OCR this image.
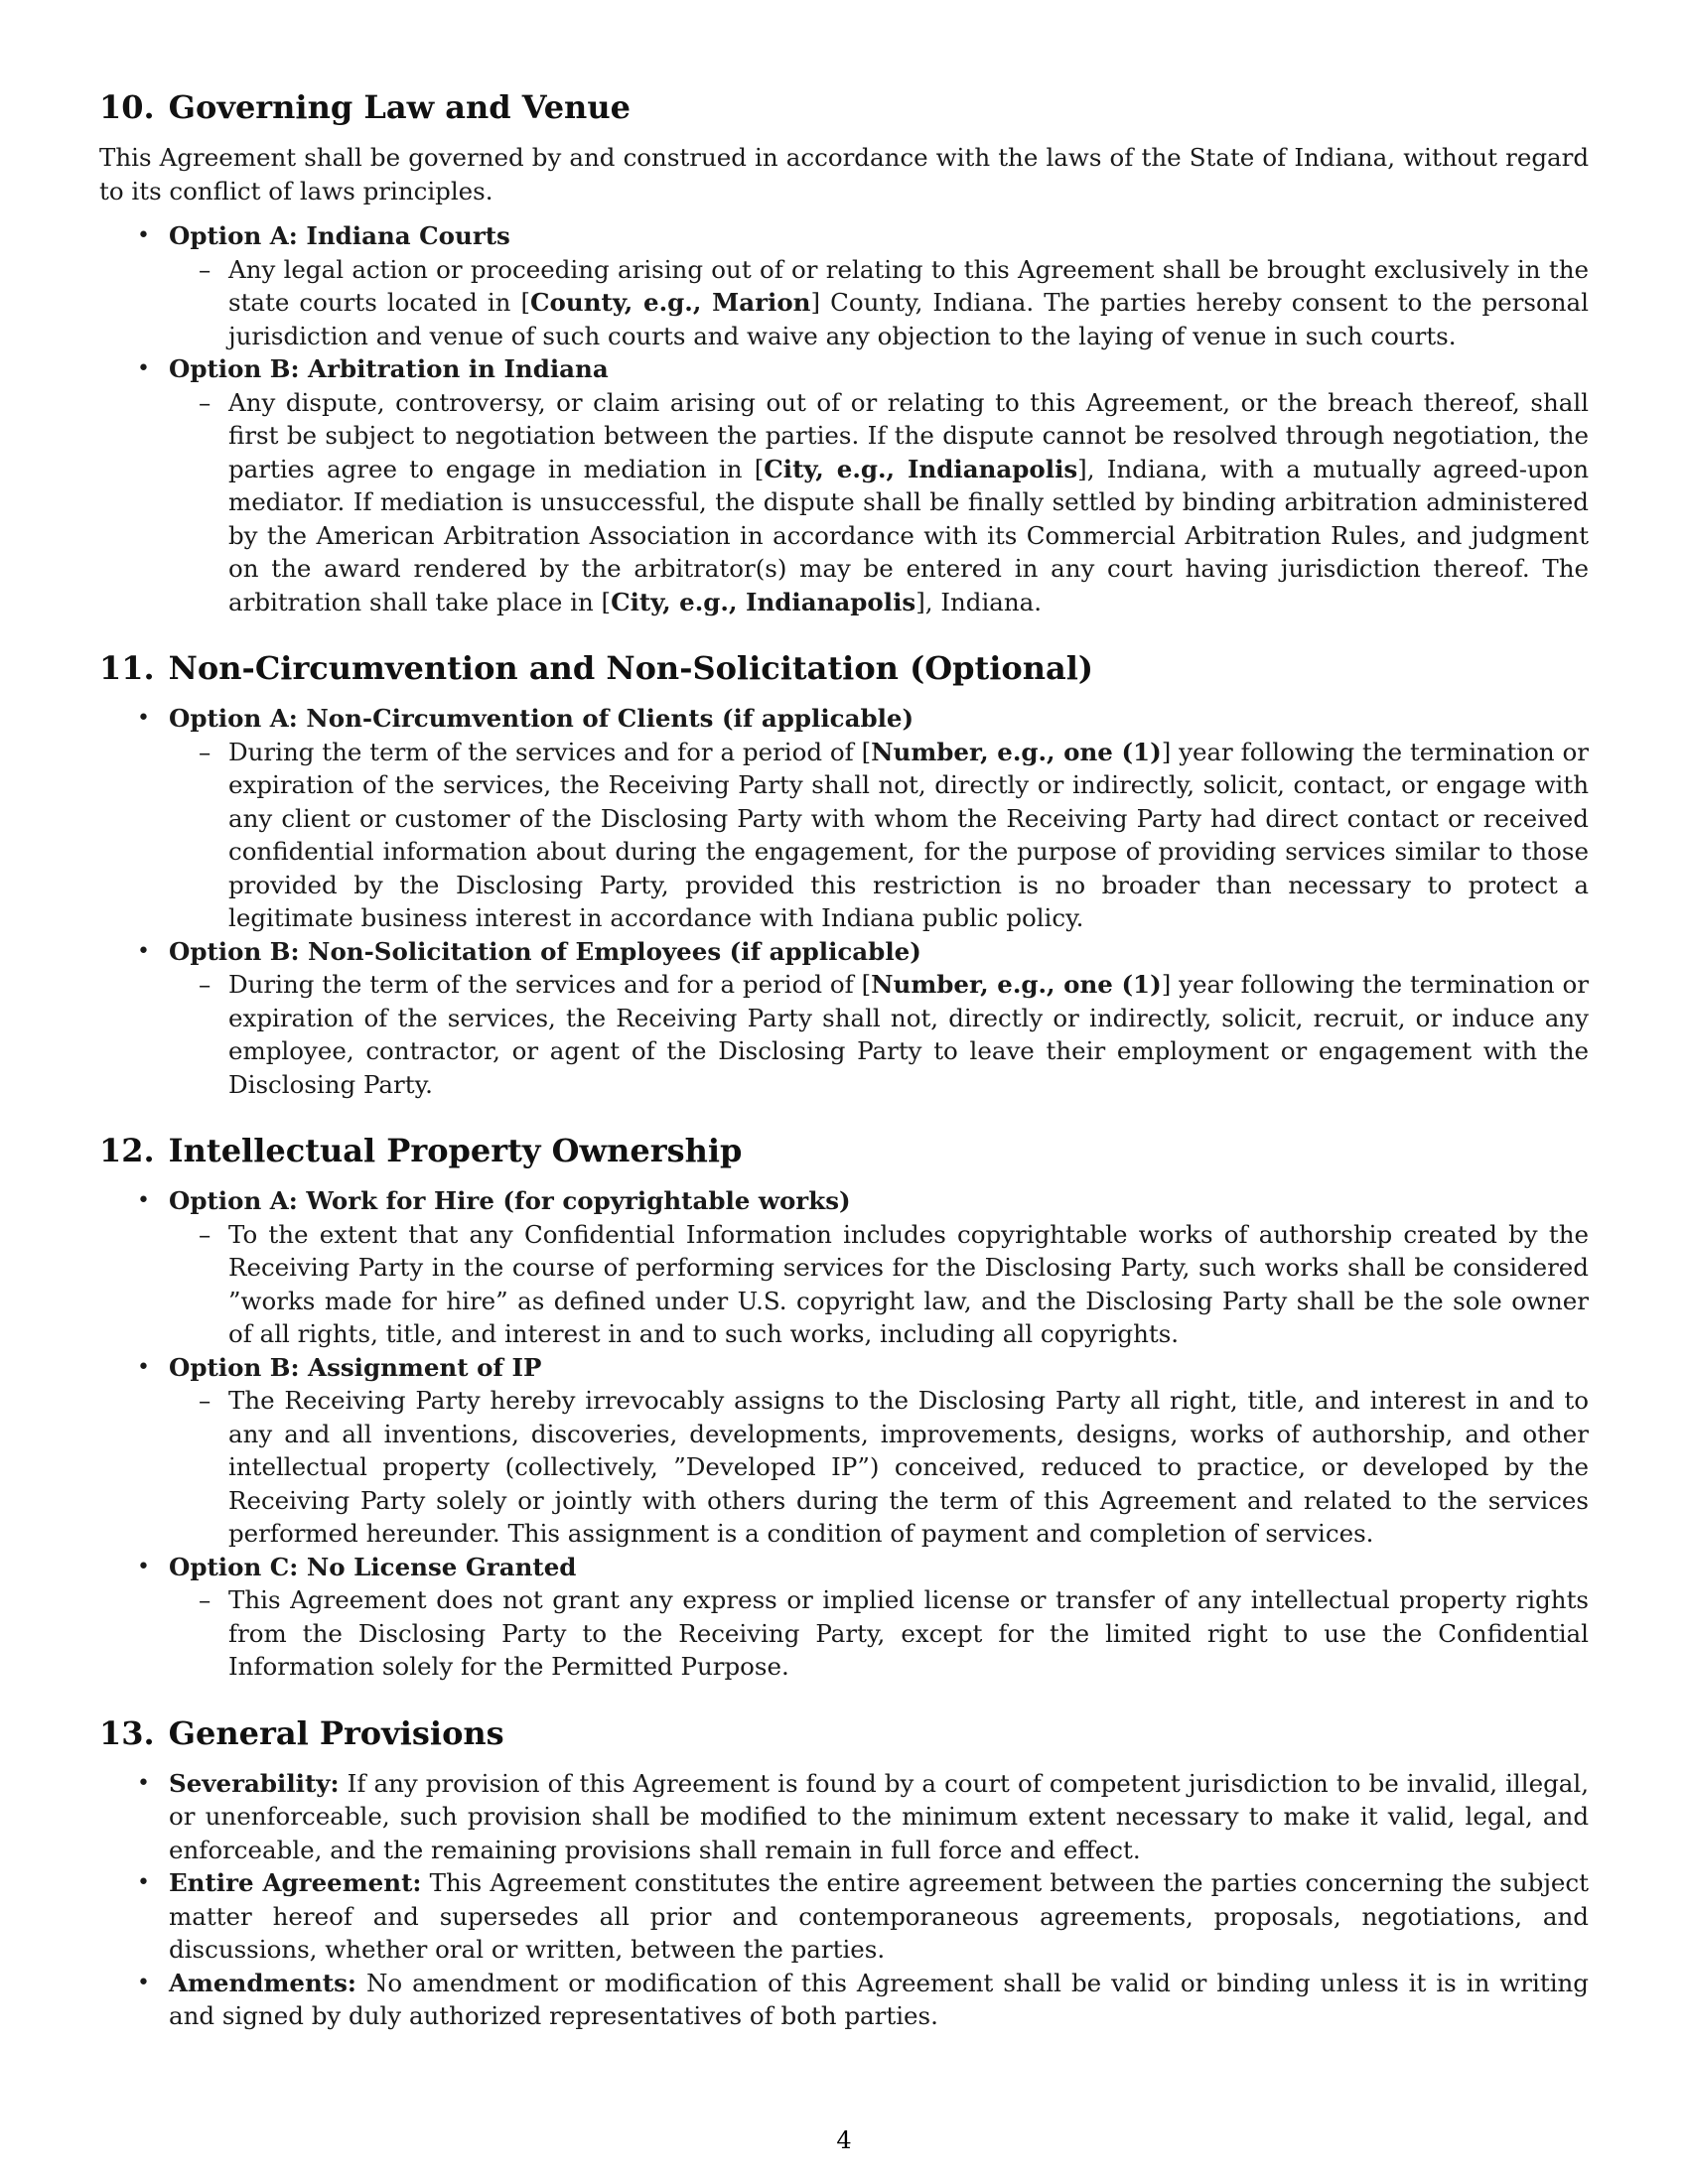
10. Governing Law and Venue

This Agreement shall be governed by and construed in accordance with the laws of the State of Indiana, without regard to its conflict of laws principles.

• Option A: Indiana Courts
– Any legal action or proceeding arising out of or relating to this Agreement shall be brought exclusively in the state courts located in [County, e.g., Marion] County, Indiana. The parties hereby consent to the personal jurisdiction and venue of such courts and waive any objection to the laying of venue in such courts.
• Option B: Arbitration in Indiana
– Any dispute, controversy, or claim arising out of or relating to this Agreement, or the breach thereof, shall first be subject to negotiation between the parties. If the dispute cannot be resolved through negotiation, the parties agree to engage in mediation in [City, e.g., Indianapolis], Indiana, with a mutually agreed-upon mediator. If mediation is unsuccessful, the dispute shall be finally settled by binding arbitration administered by the American Arbitration Association in accordance with its Commercial Arbitration Rules, and judgment on the award rendered by the arbitrator(s) may be entered in any court having jurisdiction thereof. The arbitration shall take place in [City, e.g., Indianapolis], Indiana.
11. Non-Circumvention and Non-Solicitation (Optional)
• Option A: Non-Circumvention of Clients (if applicable)
– During the term of the services and for a period of [Number, e.g., one (1)] year following the termination or expiration of the services, the Receiving Party shall not, directly or indirectly, solicit, contact, or engage with any client or customer of the Disclosing Party with whom the Receiving Party had direct contact or received confidential information about during the engagement, for the purpose of providing services similar to those provided by the Disclosing Party, provided this restriction is no broader than necessary to protect a legitimate business interest in accordance with Indiana public policy.
• Option B: Non-Solicitation of Employees (if applicable)
– During the term of the services and for a period of [Number, e.g., one (1)] year following the termination or expiration of the services, the Receiving Party shall not, directly or indirectly, solicit, recruit, or induce any employee, contractor, or agent of the Disclosing Party to leave their employment or engagement with the Disclosing Party.
12. Intellectual Property Ownership
• Option A: Work for Hire (for copyrightable works)
– To the extent that any Confidential Information includes copyrightable works of authorship created by the Receiving Party in the course of performing services for the Disclosing Party, such works shall be considered ”works made for hire” as defined under U.S. copyright law, and the Disclosing Party shall be the sole owner of all rights, title, and interest in and to such works, including all copyrights.
• Option B: Assignment of IP
– The Receiving Party hereby irrevocably assigns to the Disclosing Party all right, title, and interest in and to any and all inventions, discoveries, developments, improvements, designs, works of authorship, and other intellectual property (collectively, ”Developed IP”) conceived, reduced to practice, or developed by the Receiving Party solely or jointly with others during the term of this Agreement and related to the services performed hereunder. This assignment is a condition of payment and completion of services.
• Option C: No License Granted
– This Agreement does not grant any express or implied license or transfer of any intellectual property rights from the Disclosing Party to the Receiving Party, except for the limited right to use the Confidential Information solely for the Permitted Purpose.
13. General Provisions
• Severability: If any provision of this Agreement is found by a court of competent jurisdiction to be invalid, illegal, or unenforceable, such provision shall be modified to the minimum extent necessary to make it valid, legal, and enforceable, and the remaining provisions shall remain in full force and effect.
• Entire Agreement: This Agreement constitutes the entire agreement between the parties concerning the subject matter hereof and supersedes all prior and contemporaneous agreements, proposals, negotiations, and discussions, whether oral or written, between the parties.
• Amendments: No amendment or modification of this Agreement shall be valid or binding unless it is in writing and signed by duly authorized representatives of both parties.
4
